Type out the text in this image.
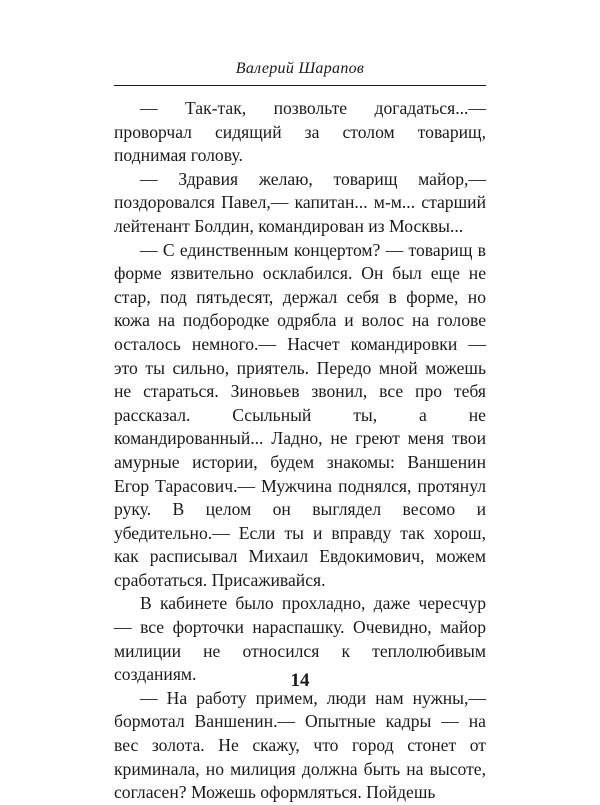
Валерий Шарапов

— Так-так, позвольте догадаться...— проворчал сидящий за столом товарищ, поднимая голову.

— Здравия желаю, товарищ майор,— поздоровался Павел,— капитан... м-м... старший лейтенант Болдин, командирован из Москвы...

— С единственным концертом? — товарищ в форме язвительно осклабился. Он был еще не стар, под пятьдесят, держал себя в форме, но кожа на подбородке одрябла и волос на голове осталось немного.— Насчет командировки — это ты сильно, приятель. Передо мной можешь не стараться. Зиновьев звонил, все про тебя рассказал. Ссыльный ты, а не командированный... Ладно, не греют меня твои амурные истории, будем знакомы: Ваншенин Егор Тарасович.— Мужчина поднялся, протянул руку. В целом он выглядел весомо и убедительно.— Если ты и вправду так хорош, как расписывал Михаил Евдокимович, можем сработаться. Присаживайся.

В кабинете было прохладно, даже чересчур — все форточки нараспашку. Очевидно, майор милиции не относился к теплолюбивым созданиям.

— На работу примем, люди нам нужны,— бормотал Ваншенин.— Опытные кадры — на вес золота. Не скажу, что город стонет от криминала, но милиция должна быть на высоте, согласен? Можешь оформляться. Пойдешь

14
